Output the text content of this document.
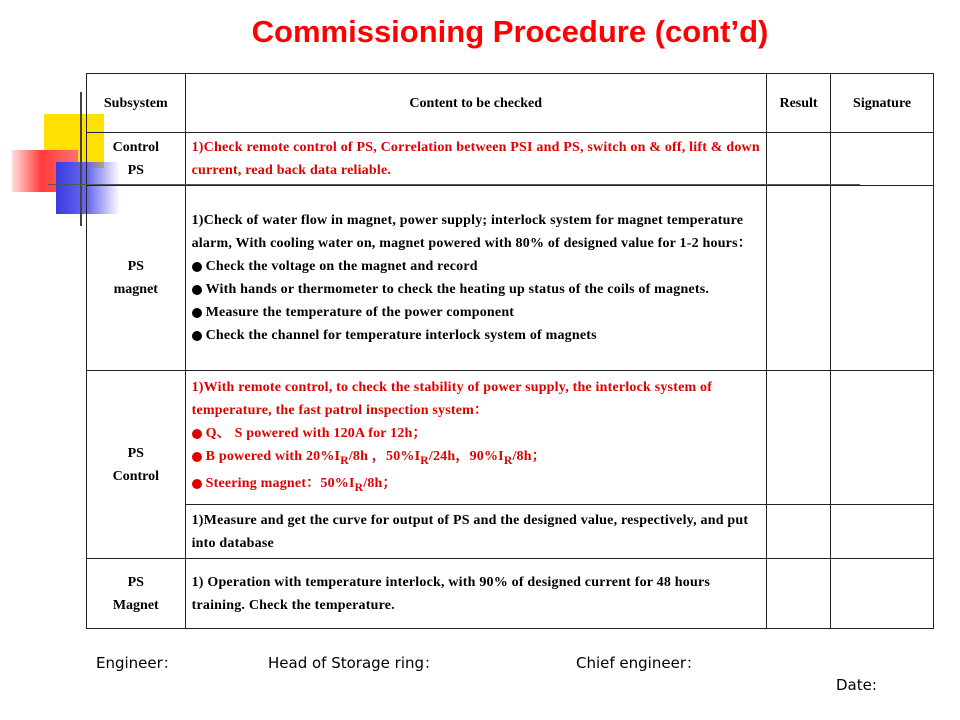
Commissioning Procedure (cont’d)
Subsystem	Content to be checked	Result	Signature
Control
PS	1)Check remote control of PS, Correlation between PSI and PS, switch on & off, lift & down current, read back data reliable.		
PS
magnet	1)Check of water flow in magnet, power supply; interlock system for magnet temperature alarm, With cooling water on, magnet powered with 80% of designed value for 1-2 hours：
Check the voltage on the magnet and record
With hands or thermometer to check the heating up status of the coils of magnets.
Measure the temperature of the power component
Check the channel for temperature interlock system of magnets		

PS
Control	1)With remote control, to check the stability of power supply, the interlock system of temperature, the fast patrol inspection system：
Q、 S powered with 120A for 12h；
B powered with $20\%I_R/8h$ ，$50\%I_R/24h$，$90\%I_R/8h$；
Steering magnet：$50\%I_R/8h$；		

	1)Measure and get the curve for output of PS and the designed value, respectively, and put into database		
PS
Magnet	1) Operation with temperature interlock, with 90% of designed current for 48 hours training. Check the temperature.		
Engineer：	Head of Storage ring：	Chief engineer：
Date:
